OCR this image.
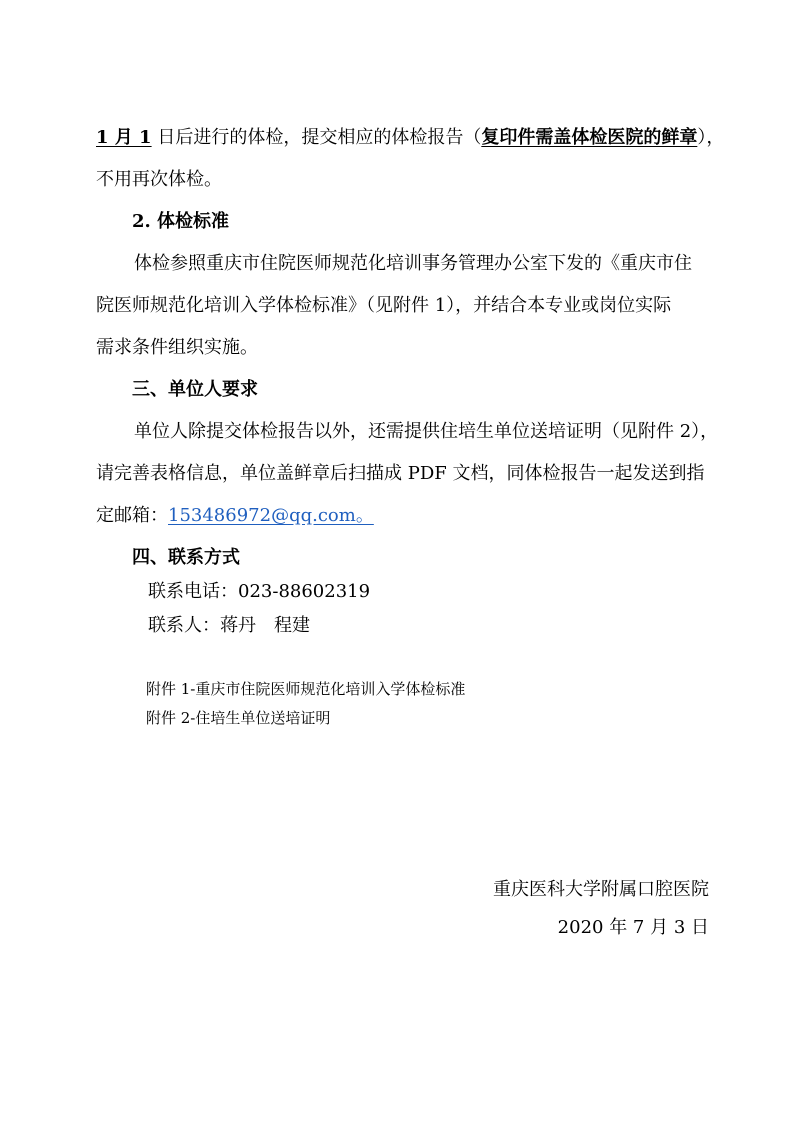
1 月 1 日后进行的体检，提交相应的体检报告（复印件需盖体检医院的鲜章），
不用再次体检。
2. 体检标准
体检参照重庆市住院医师规范化培训事务管理办公室下发的《重庆市住
院医师规范化培训入学体检标准》（见附件 1），并结合本专业或岗位实际
需求条件组织实施。
三、单位人要求
单位人除提交体检报告以外，还需提供住培生单位送培证明（见附件 2），
请完善表格信息，单位盖鲜章后扫描成 PDF 文档，同体检报告一起发送到指
定邮箱：153486972@qq.com。
四、联系方式
联系电话：023-88602319
联系人：蒋丹 程建
附件 1-重庆市住院医师规范化培训入学体检标准
附件 2-住培生单位送培证明
重庆医科大学附属口腔医院
2020 年 7 月 3 日
